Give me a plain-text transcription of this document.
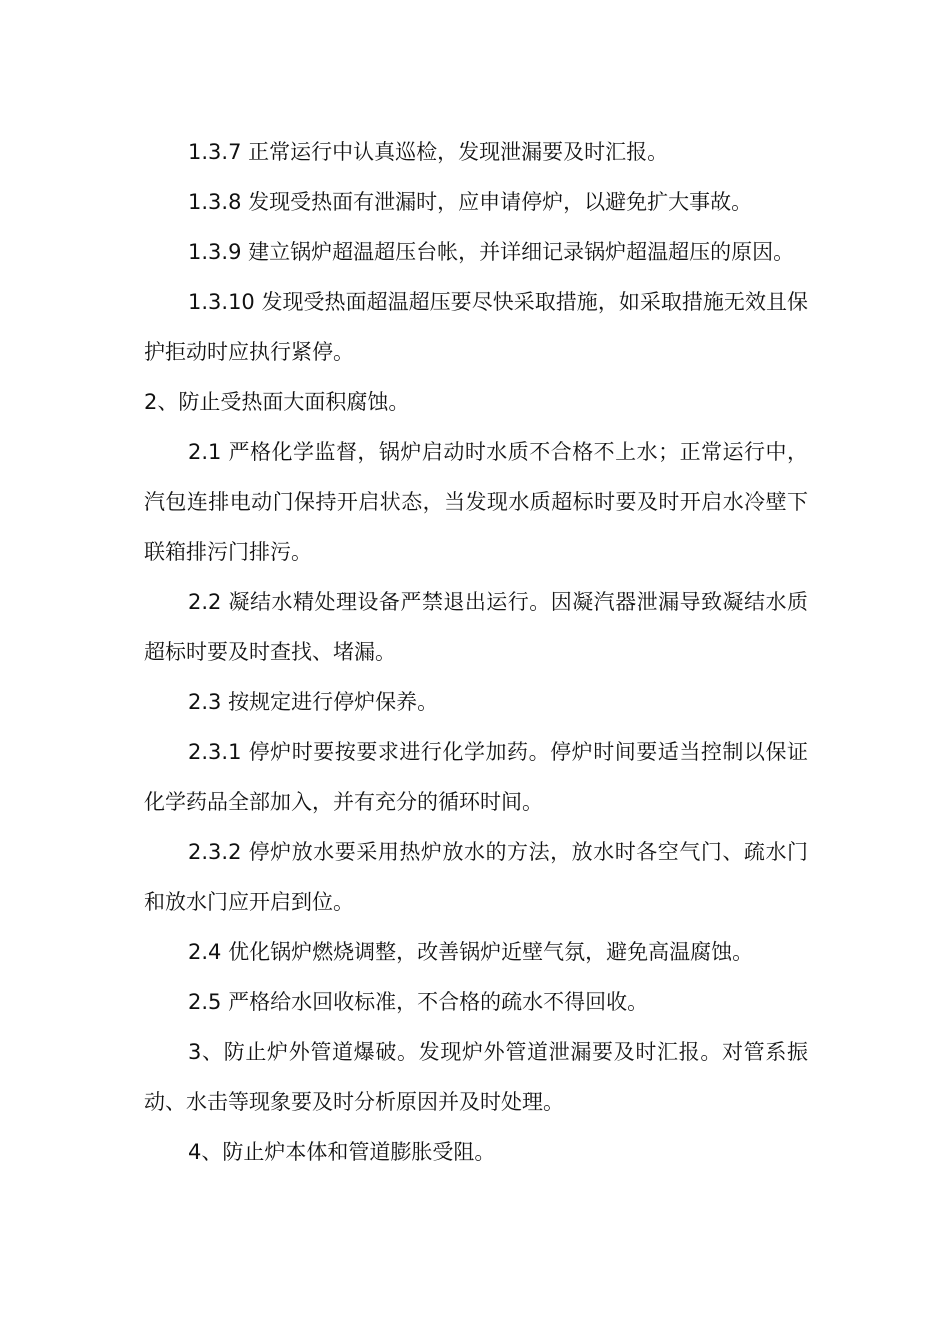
1.3.7 正常运行中认真巡检，发现泄漏要及时汇报。

1.3.8 发现受热面有泄漏时，应申请停炉，以避免扩大事故。

1.3.9 建立锅炉超温超压台帐，并详细记录锅炉超温超压的原因。

1.3.10 发现受热面超温超压要尽快采取措施，如采取措施无效且保护拒动时应执行紧停。

2、防止受热面大面积腐蚀。

2.1 严格化学监督，锅炉启动时水质不合格不上水；正常运行中，汽包连排电动门保持开启状态，当发现水质超标时要及时开启水冷壁下联箱排污门排污。

2.2 凝结水精处理设备严禁退出运行。因凝汽器泄漏导致凝结水质超标时要及时查找、堵漏。

2.3 按规定进行停炉保养。

2.3.1 停炉时要按要求进行化学加药。停炉时间要适当控制以保证化学药品全部加入，并有充分的循环时间。

2.3.2 停炉放水要采用热炉放水的方法，放水时各空气门、疏水门和放水门应开启到位。

2.4 优化锅炉燃烧调整，改善锅炉近壁气氛，避免高温腐蚀。

2.5 严格给水回收标准，不合格的疏水不得回收。

3、防止炉外管道爆破。发现炉外管道泄漏要及时汇报。对管系振动、水击等现象要及时分析原因并及时处理。

4、防止炉本体和管道膨胀受阻。
